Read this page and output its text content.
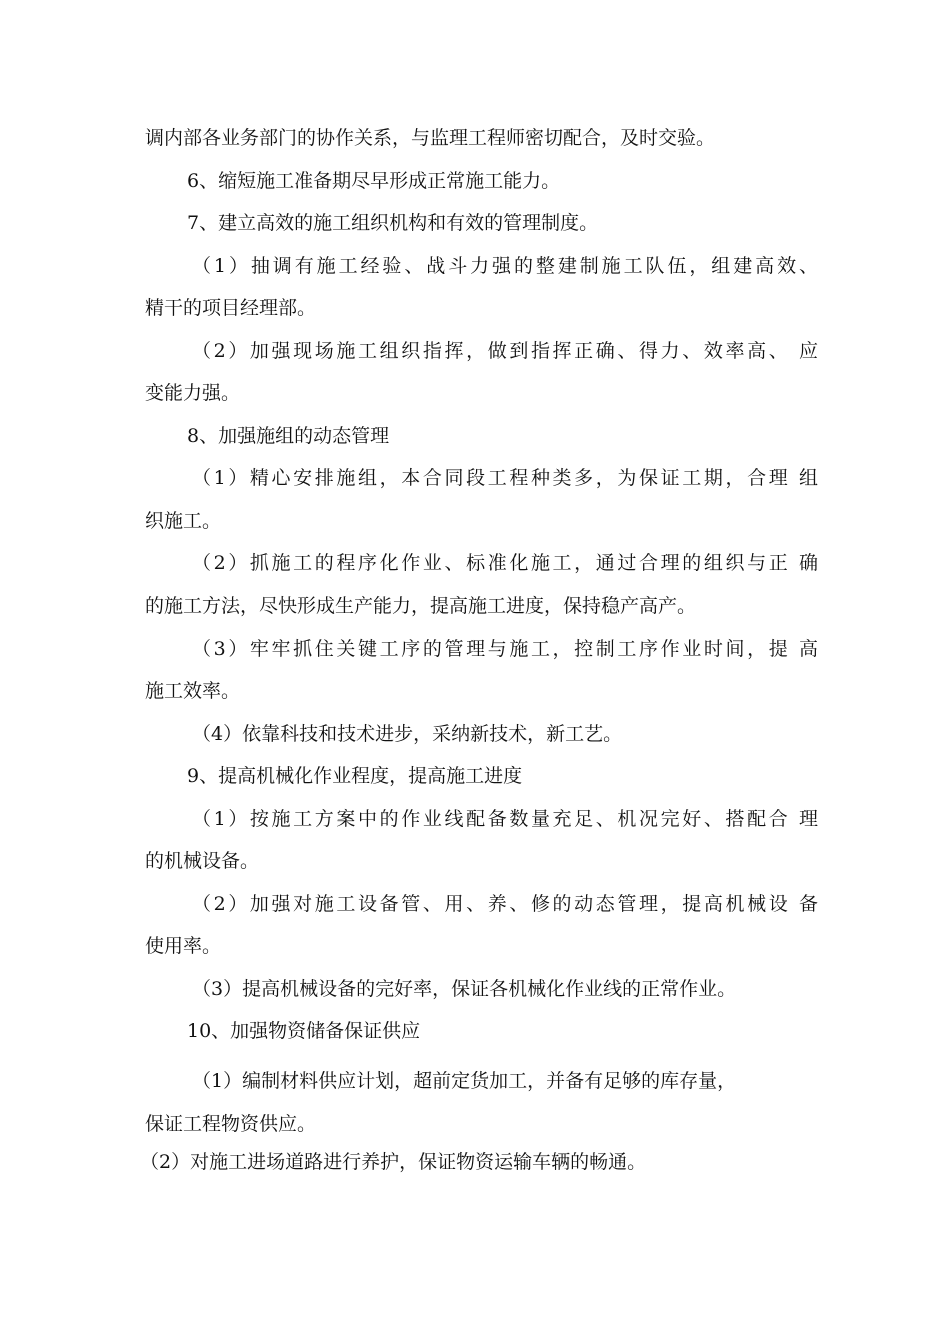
调内部各业务部门的协作关系，与监理工程师密切配合，及时交验。

6、缩短施工准备期尽早形成正常施工能力。

7、建立高效的施工组织机构和有效的管理制度。

（1）抽调有施工经验、战斗力强的整建制施工队伍，组建高效、

精干的项目经理部。

（2）加强现场施工组织指挥，做到指挥正确、得力、效率高、 应

变能力强。

8、加强施组的动态管理

（1）精心安排施组，本合同段工程种类多，为保证工期，合理 组

织施工。

（2）抓施工的程序化作业、标准化施工，通过合理的组织与正 确

的施工方法，尽快形成生产能力，提高施工进度，保持稳产高产。

（3）牢牢抓住关键工序的管理与施工，控制工序作业时间，提 高

施工效率。

（4）依靠科技和技术进步，采纳新技术，新工艺。

9、提高机械化作业程度，提高施工进度

（1）按施工方案中的作业线配备数量充足、机况完好、搭配合 理

的机械设备。

（2）加强对施工设备管、用、养、修的动态管理，提高机械设 备

使用率。

（3）提高机械设备的完好率，保证各机械化作业线的正常作业。

10、加强物资储备保证供应

（1）编制材料供应计划，超前定货加工，并备有足够的库存量，

保证工程物资供应。

（2）对施工进场道路进行养护，保证物资运输车辆的畅通。
